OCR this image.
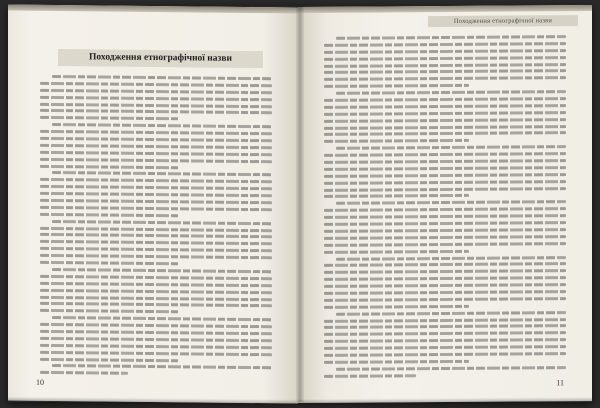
Походження етнографічної назви
10
Походження етнографічної назви
11
